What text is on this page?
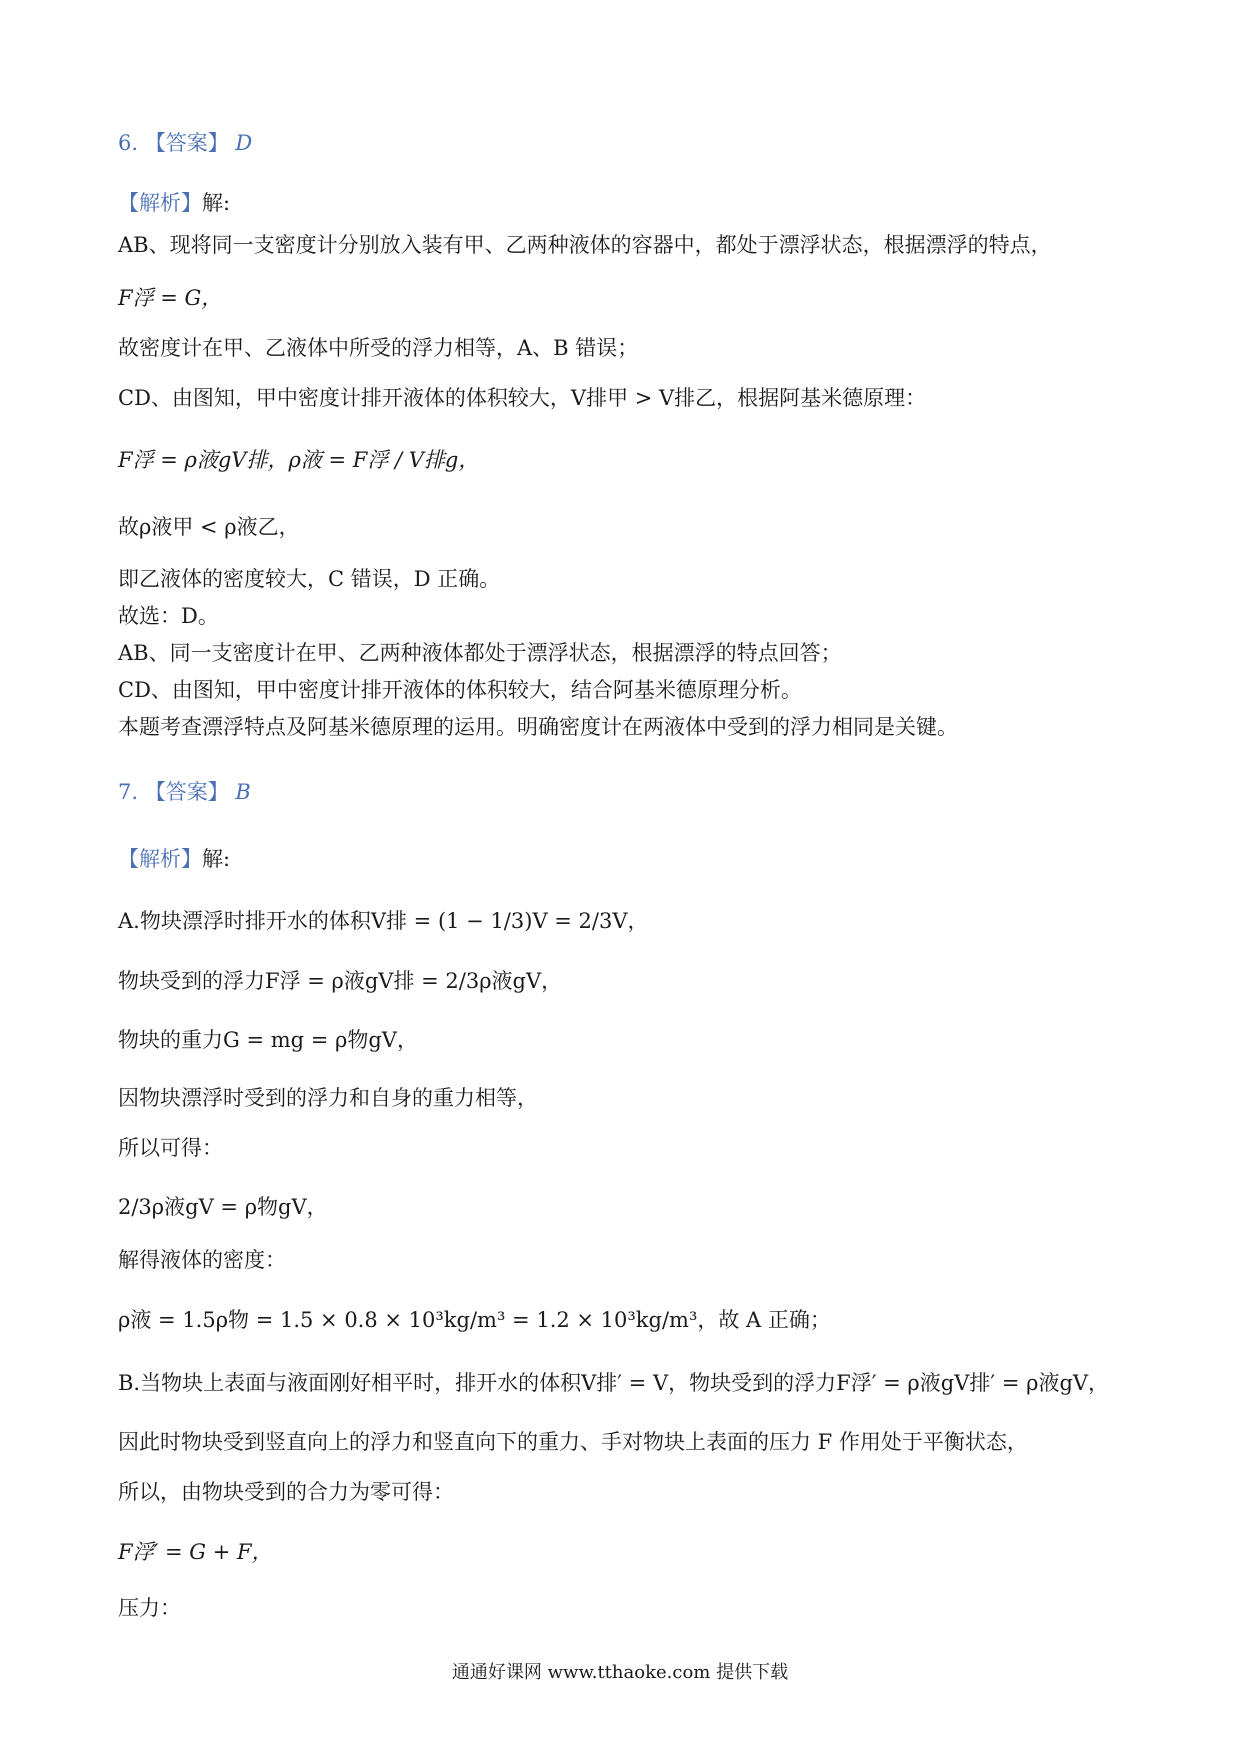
6. 【答案】 D
【解析】解:
AB、现将同一支密度计分别放入装有甲、乙两种液体的容器中，都处于漂浮状态，根据漂浮的特点，
F浮 = G，
故密度计在甲、乙液体中所受的浮力相等，A、B 错误；
CD、由图知，甲中密度计排开液体的体积较大，V排甲 > V排乙，根据阿基米德原理：
F浮 = ρ液gV排，ρ液 = F浮 / V排g，
故ρ液甲 < ρ液乙，
即乙液体的密度较大，C 错误，D 正确。
故选：D。
AB、同一支密度计在甲、乙两种液体都处于漂浮状态，根据漂浮的特点回答；
CD、由图知，甲中密度计排开液体的体积较大，结合阿基米德原理分析。
本题考查漂浮特点及阿基米德原理的运用。明确密度计在两液体中受到的浮力相同是关键。
7. 【答案】 B
【解析】解:
A.物块漂浮时排开水的体积V排 = (1 − 1/3)V = 2/3V，
物块受到的浮力F浮 = ρ液gV排 = 2/3ρ液gV，
物块的重力G = mg = ρ物gV，
因物块漂浮时受到的浮力和自身的重力相等，
所以可得：
2/3ρ液gV = ρ物gV，
解得液体的密度：
ρ液 = 1.5ρ物 = 1.5 × 0.8 × 10³kg/m³ = 1.2 × 10³kg/m³，故 A 正确；
B.当物块上表面与液面刚好相平时，排开水的体积V排′ = V，物块受到的浮力F浮′ = ρ液gV排′ = ρ液gV，
因此时物块受到竖直向上的浮力和竖直向下的重力、手对物块上表面的压力 F 作用处于平衡状态，
所以，由物块受到的合力为零可得：
F浮′ = G + F，
压力：
通通好课网 www.tthaoke.com 提供下载
